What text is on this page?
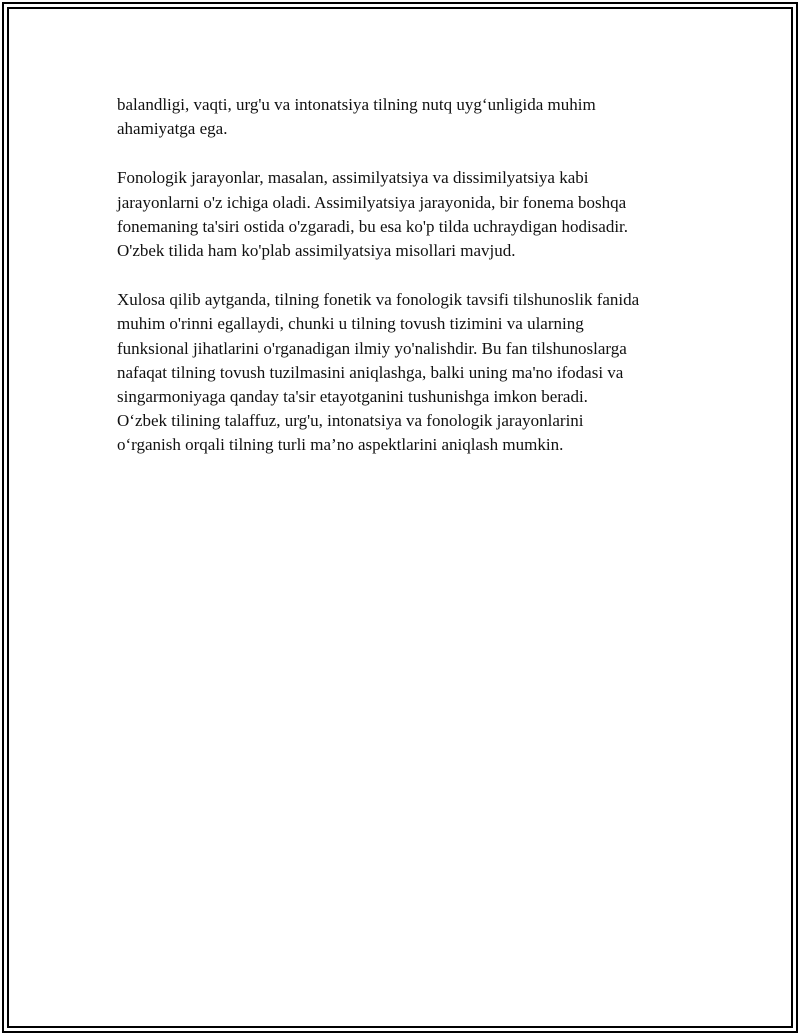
balandligi, vaqti, urg'u va intonatsiya tilning nutq uyg‘unligida muhim
ahamiyatga ega.

Fonologik jarayonlar, masalan, assimilyatsiya va dissimilyatsiya kabi
jarayonlarni o'z ichiga oladi. Assimilyatsiya jarayonida, bir fonema boshqa
fonemaning ta'siri ostida o'zgaradi, bu esa ko'p tilda uchraydigan hodisadir.
O'zbek tilida ham ko'plab assimilyatsiya misollari mavjud.

Xulosa qilib aytganda, tilning fonetik va fonologik tavsifi tilshunoslik fanida
muhim o'rinni egallaydi, chunki u tilning tovush tizimini va ularning
funksional jihatlarini o'rganadigan ilmiy yo'nalishdir. Bu fan tilshunoslarga
nafaqat tilning tovush tuzilmasini aniqlashga, balki uning ma'no ifodasi va
singarmoniyaga qanday ta'sir etayotganini tushunishga imkon beradi.
O‘zbek tilining talaffuz, urg'u, intonatsiya va fonologik jarayonlarini
o‘rganish orqali tilning turli ma’no aspektlarini aniqlash mumkin.
